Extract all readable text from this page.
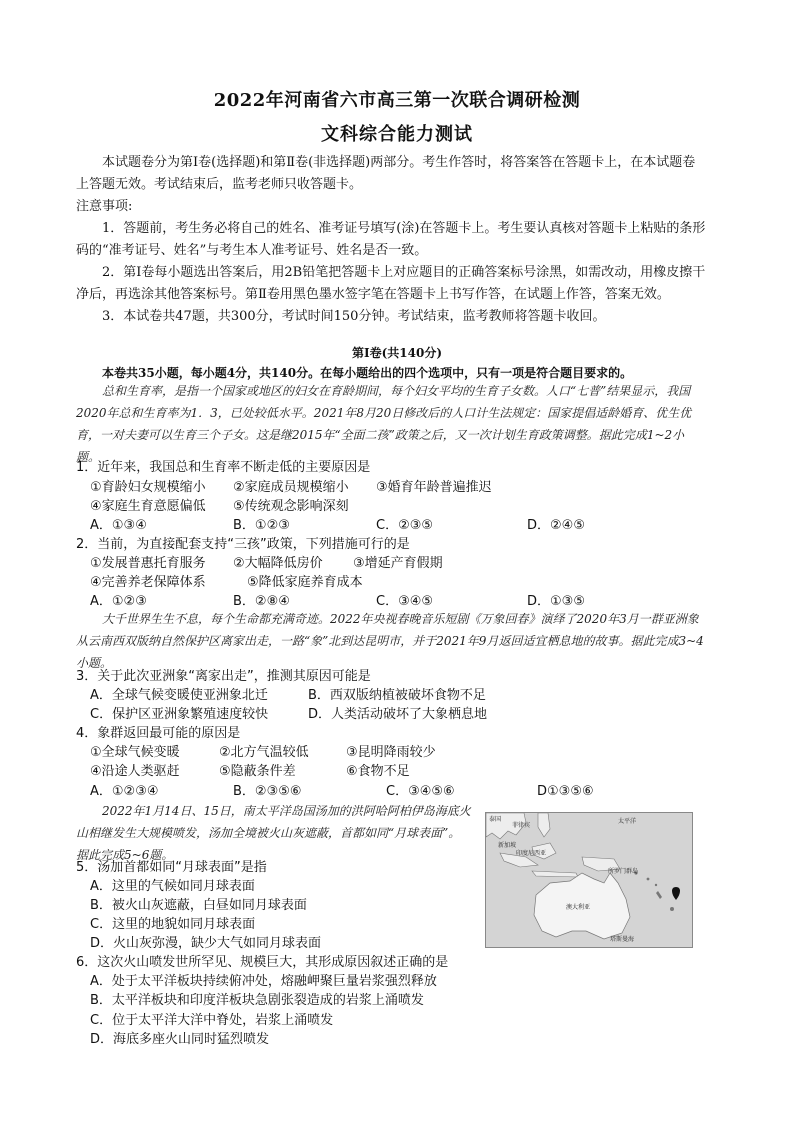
2022年河南省六市高三第一次联合调研检测
文科综合能力测试

本试题卷分为第Ⅰ卷(选择题)和第Ⅱ卷(非选择题)两部分。考生作答时，将答案答在答题卡上，在本试题卷上答题无效。考试结束后，监考老师只收答题卡。

注意事项:

1．答题前，考生务必将自己的姓名、准考证号填写(涂)在答题卡上。考生要认真核对答题卡上粘贴的条形码的“准考证号、姓名”与考生本人准考证号、姓名是否一致。

2．第Ⅰ卷每小题选出答案后，用2B铅笔把答题卡上对应题目的正确答案标号涂黑，如需改动，用橡皮擦干净后，再选涂其他答案标号。第Ⅱ卷用黑色墨水签字笔在答题卡上书写作答，在试题上作答，答案无效。

3．本试卷共47题，共300分，考试时间150分钟。考试结束，监考教师将答题卡收回。

第Ⅰ卷(共140分)

本卷共35小题，每小题4分，共140分。在每小题给出的四个选项中，只有一项是符合题目要求的。

总和生育率，是指一个国家或地区的妇女在育龄期间，每个妇女平均的生育子女数。人口“七普”结果显示，我国2020年总和生育率为1．3，已处较低水平。2021年8月20日修改后的人口计生法规定：国家提倡适龄婚育、优生优育，一对夫妻可以生育三个子女。这是继2015年“全面二孩”政策之后，又一次计划生育政策调整。据此完成1~2小题。

1．近年来，我国总和生育率不断走低的主要原因是

①育龄妇女规模缩小 ②家庭成员规模缩小 ③婚育年龄普遍推迟
④家庭生育意愿偏低 ⑤传统观念影响深刻
A．①③④	B．①②③	C．②③⑤	D．②④⑤

2．当前，为直接配套支持“三孩”政策，下列措施可行的是

①发展普惠托育服务 ②大幅降低房价 ③增延产育假期
④完善养老保障体系	⑤降低家庭养育成本
A．①②③	B．②⑧④	C．③④⑤	D．①③⑤

大千世界生生不息，每个生命都充满奇迹。2022年央视春晚音乐短剧《万象回春》演绎了2020年3月一群亚洲象从云南西双版纳自然保护区离家出走，一路“象”北到达昆明市，并于2021年9月返回适宜栖息地的故事。据此完成3~4小题。

3．关于此次亚洲象“离家出走”，推测其原因可能是

A．全球气候变暖使亚洲象北迁	B．西双版纳植被破坏食物不足
C．保护区亚洲象繁殖速度较快	D．人类活动破坏了大象栖息地

4．象群返回最可能的原因是

①全球气候变暖	②北方气温较低	③昆明降雨较少
④沿途人类驱赶	⑤隐蔽条件差	⑥食物不足
A．①②③④	B．②③⑤⑥	C．③④⑤⑥	D①③⑤⑥

2022年1月14日、15日，南太平洋岛国汤加的洪阿哈阿柏伊岛海底火山相继发生大规模喷发，汤加全境被火山灰遮蔽，首都如同“月球表面”。据此完成5~6题。

泰国
菲律宾
太平洋
新加坡
印度尼西亚
所罗门群岛
澳大利亚
塔斯曼海

5．汤加首都如同“月球表面”是指

A．这里的气候如同月球表面
B．被火山灰遮蔽，白昼如同月球表面
C．这里的地貌如同月球表面
D．火山灰弥漫，缺少大气如同月球表面

6．这次火山喷发世所罕见、规模巨大，其形成原因叙述正确的是

A．处于太平洋板块持续俯冲处，熔融岬聚巨量岩浆强烈释放
B．太平洋板块和印度洋板块急剧张裂造成的岩浆上涌喷发
C．位于太平洋大洋中脊处，岩浆上涌喷发
D．海底多座火山同时猛烈喷发
